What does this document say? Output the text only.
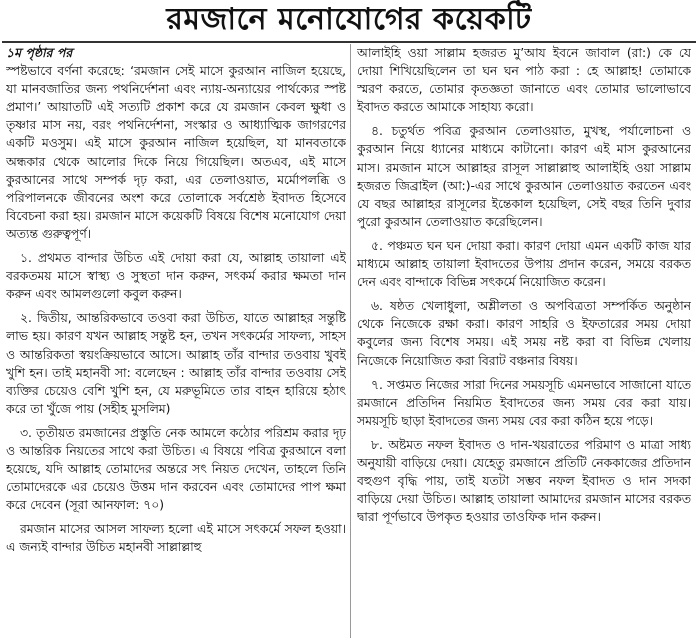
রমজানে মনোযোগের কয়েকটি
১ম পৃষ্ঠার পর

স্পষ্টভাবে বর্ণনা করেছে: ‘রমজান সেই মাসে কুরআন নাজিল হয়েছে, যা মানবজাতির জন্য পথনির্দেশনা এবং ন্যায়-অন্যায়ের পার্থক্যের স্পষ্ট প্রমাণ।’ আয়াতটি এই সত্যটি প্রকাশ করে যে রমজান কেবল ক্ষুধা ও তৃষ্ণার মাস নয়, বরং পথনির্দেশনা, সংস্কার ও আধ্যাত্মিক জাগরণের একটি মওসুম। এই মাসে কুরআন নাজিল হয়েছিল, যা মানবতাকে অন্ধকার থেকে আলোর দিকে নিয়ে গিয়েছিল। অতএব, এই মাসে কুরআনের সাথে সম্পর্ক দৃঢ় করা, এর তেলাওয়াত, মর্মোপলব্ধি ও পরিপালনকে জীবনের অংশ করে তোলাকে সর্বশ্রেষ্ঠ ইবাদত হিসেবে বিবেচনা করা হয়। রমজান মাসে কয়েকটি বিষয়ে বিশেষ মনোযোগ দেয়া অত্যন্ত গুরুত্বপূর্ণ।

১. প্রথমত বান্দার উচিত এই দোয়া করা যে, আল্লাহ তায়ালা এই বরকতময় মাসে স্বাস্থ্য ও সুস্থতা দান করুন, সৎকর্ম করার ক্ষমতা দান করুন এবং আমলগুলো কবুল করুন।

২. দ্বিতীয়, আন্তরিকভাবে তওবা করা উচিত, যাতে আল্লাহর সন্তুষ্টি লাভ হয়। কারণ যখন আল্লাহ সন্তুষ্ট হন, তখন সৎকর্মের সাফল্য, সাহস ও আন্তরিকতা স্বয়ংক্রিয়ভাবে আসে। আল্লাহ তাঁর বান্দার তওবায় খুবই খুশি হন। তাই মহানবী সা: বলেছেন : আল্লাহ তাঁর বান্দার তওবায় সেই ব্যক্তির চেয়েও বেশি খুশি হন, যে মরুভূমিতে তার বাহন হারিয়ে হঠাৎ করে তা খুঁজে পায় (সহীহ মুসলিম)

৩. তৃতীয়ত রমজানের প্রস্তুতি নেক আমলে কঠোর পরিশ্রম করার দৃঢ় ও আন্তরিক নিয়তের সাথে করা উচিত। এ বিষয়ে পবিত্র কুরআনে বলা হয়েছে, যদি আল্লাহ তোমাদের অন্তরে সৎ নিয়ত দেখেন, তাহলে তিনি তোমাদেরকে এর চেয়েও উত্তম দান করবেন এবং তোমাদের পাপ ক্ষমা করে দেবেন (সূরা আনফাল: ৭০)

রমজান মাসের আসল সাফল্য হলো এই মাসে সৎকর্মে সফল হওয়া। এ জন্যই বান্দার উচিত মহানবী সাল্লাল্লাহু

আলাইহি ওয়া সাল্লাম হজরত মু’আয ইবনে জাবাল (রা:) কে যে দোয়া শিখিয়েছিলেন তা ঘন ঘন পাঠ করা : হে আল্লাহ! তোমাকে স্মরণ করতে, তোমার কৃতজ্ঞতা জানাতে এবং তোমার ভালোভাবে ইবাদত করতে আমাকে সাহায্য করো।

৪. চতুর্থত পবিত্র কুরআন তেলাওয়াত, মুখস্থ, পর্যালোচনা ও কুরআন নিয়ে ধ্যানের মাধ্যমে কাটানো। কারণ এই মাস কুরআনের মাস। রমজান মাসে আল্লাহর রাসূল সাল্লাল্লাহু আলাইহি ওয়া সাল্লাম হজরত জিব্রাইল (আ:)-এর সাথে কুরআন তেলাওয়াত করতেন এবং যে বছর আল্লাহর রাসূলের ইন্তেকাল হয়েছিল, সেই বছর তিনি দুবার পুরো কুরআন তেলাওয়াত করেছিলেন।

৫. পঞ্চমত ঘন ঘন দোয়া করা। কারণ দোয়া এমন একটি কাজ যার মাধ্যমে আল্লাহ তায়ালা ইবাদতের উপায় প্রদান করেন, সময়ে বরকত দেন এবং বান্দাকে বিভিন্ন সৎকর্মে নিয়োজিত করেন।

৬. ষষ্ঠত খেলাধুলা, অশ্লীলতা ও অপবিত্রতা সম্পর্কিত অনুষ্ঠান থেকে নিজেকে রক্ষা করা। কারণ সাহরি ও ইফতারের সময় দোয়া কবুলের জন্য বিশেষ সময়। এই সময় নষ্ট করা বা বিভিন্ন খেলায় নিজেকে নিয়োজিত করা বিরাট বঞ্চনার বিষয়।

৭. সপ্তমত নিজের সারা দিনের সময়সূচি এমনভাবে সাজানো যাতে রমজানে প্রতিদিন নিয়মিত ইবাদতের জন্য সময় বের করা যায়। সময়সূচি ছাড়া ইবাদতের জন্য সময় বের করা কঠিন হয়ে পড়ে।

৮. অষ্টমত নফল ইবাদত ও দান-খয়রাতের পরিমাণ ও মাত্রা সাধ্য অনুযায়ী বাড়িয়ে দেয়া। যেহেতু রমজানে প্রতিটি নেককাজের প্রতিদান বহুগুণ বৃদ্ধি পায়, তাই যতটা সম্ভব নফল ইবাদত ও দান সদকা বাড়িয়ে দেয়া উচিত। আল্লাহ তায়ালা আমাদের রমজান মাসের বরকত দ্বারা পূর্ণভাবে উপকৃত হওয়ার তাওফিক দান করুন।
